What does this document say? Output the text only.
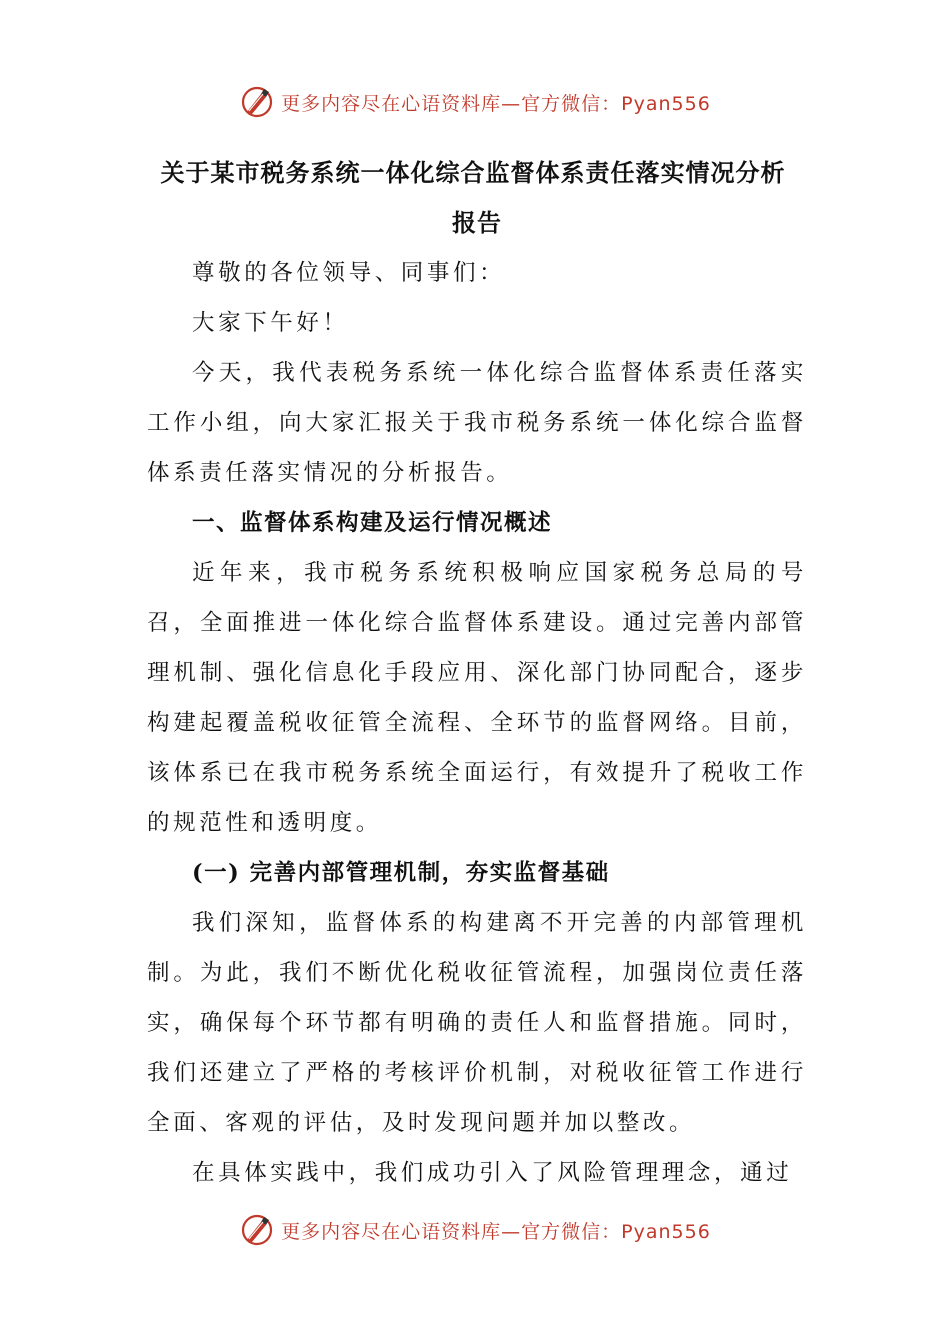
更多内容尽在心语资料库—官方微信：Pyan556
关于某市税务系统一体化综合监督体系责任落实情况分析
报告

尊敬的各位领导、同事们：

大家下午好！

今天，我代表税务系统一体化综合监督体系责任落实工作小组，向大家汇报关于我市税务系统一体化综合监督体系责任落实情况的分析报告。

一、监督体系构建及运行情况概述

近年来，我市税务系统积极响应国家税务总局的号召，全面推进一体化综合监督体系建设。通过完善内部管理机制、强化信息化手段应用、深化部门协同配合，逐步构建起覆盖税收征管全流程、全环节的监督网络。目前，该体系已在我市税务系统全面运行，有效提升了税收工作的规范性和透明度。

(一) 完善内部管理机制，夯实监督基础

我们深知，监督体系的构建离不开完善的内部管理机制。为此，我们不断优化税收征管流程，加强岗位责任落实，确保每个环节都有明确的责任人和监督措施。同时，我们还建立了严格的考核评价机制，对税收征管工作进行全面、客观的评估，及时发现问题并加以整改。

在具体实践中，我们成功引入了风险管理理念，通过

更多内容尽在心语资料库—官方微信：Pyan556
